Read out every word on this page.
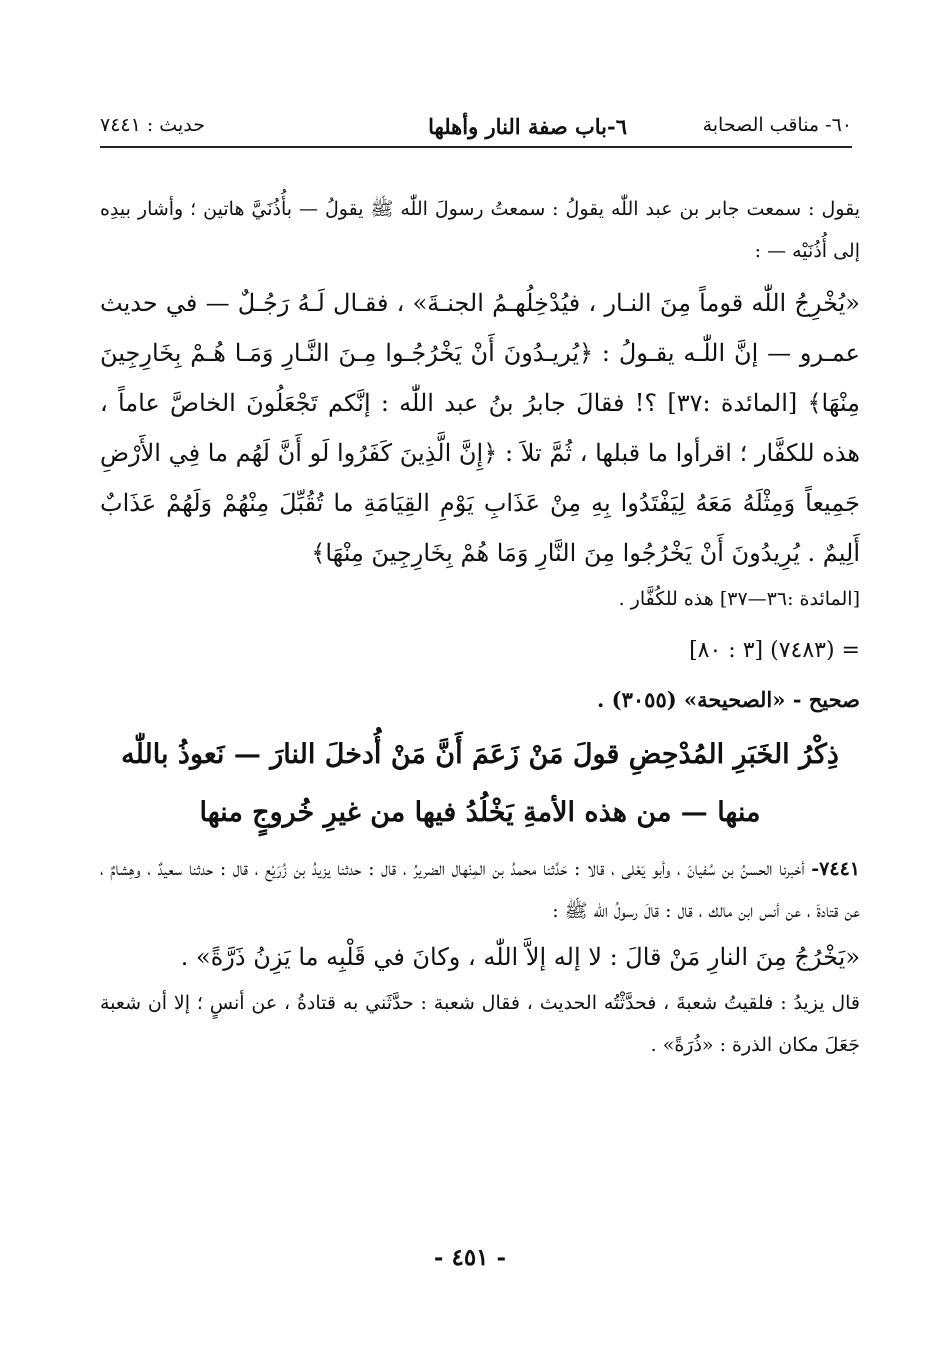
٦٠- مناقب الصحابة
٦-باب صفة النار وأهلها
حديث : ٧٤٤١

يقول : سمعت جابر بن عبد اللّٰه يقولُ : سمعتُ رسولَ اللّٰه ﷺ يقولُ — بأُذُنَيَّ هاتين ؛ وأشار بيدِه إلى أُذُنَيْه — :

«يُخْرِجُ اللّٰه قوماً مِنَ النـار ، فيُدْخِلُهـمُ الجنـةَ» ، فقـال لَـهُ رَجُـلٌ — في حديث عمـرو — إنَّ اللّٰـه يقـولُ : ﴿يُريـدُونَ أَنْ يَخْرُجُـوا مِـنَ النَّـارِ وَمَـا هُـمْ بِخَارِجِينَ مِنْهَا﴾ [المائدة :٣٧] ؟! فقالَ جابرُ بنُ عبد اللّٰه : إنَّكم تَجْعَلُونَ الخاصَّ عاماً ، هذه للكفَّار ؛ اقرأوا ما قبلها ، ثُمَّ تلاَ : ﴿إِنَّ الَّذِينَ كَفَرُوا لَو أَنَّ لَهُم ما فِي الأَرْضِ جَمِيعاً وَمِثْلَهُ مَعَهُ لِيَفْتَدُوا بِهِ مِنْ عَذَابِ يَوْمِ القِيَامَةِ ما تُقُبِّلَ مِنْهُمْ وَلَهُمْ عَذَابٌ أَلِيمٌ . يُرِيدُونَ أَنْ يَخْرُجُوا مِنَ النَّارِ وَمَا هُمْ بِخَارِجِينَ مِنْهَا﴾

[المائدة :٣٦—٣٧] هذه للكُفَّار .

= (٧٤٨٣) [٣ : ٨٠]

صحيح - «الصحيحة» (٣٠٥٥) .

ذِكْرُ الخَبَرِ المُدْحِضِ قولَ مَنْ زَعَمَ أَنَّ مَنْ أُدخلَ النارَ — نَعوذُ باللّٰه منها — من هذه الأمةِ يَخْلُدُ فيها من غيرِ خُروجٍ منها

٧٤٤١- أخبرنا الحسنُ بن سُفيانَ ، وأبو يَعْلى ، قالا : حَدَّثنا محمدُ بن المِنْهال الضريرُ ، قال : حدثنا يزيدُ بن زُرَيْع ، قال : حدثنا سعيدٌ ، وهِشامٌ ، عن قتادةَ ، عن أنس ابن مالك ، قال : قالَ رسولُ اللّٰه ﷺ :

«يَخْرُجُ مِنَ النارِ مَنْ قالَ : لا إله إلاَّ اللّٰه ، وكانَ في قَلْبِه ما يَزِنُ ذَرَّةً» .

قال يزيدُ : فلقيتُ شعبةَ ، فحدَّثْتُه الحديث ، فقال شعبة : حدَّثَني به قتادةُ ، عن أنسٍ ؛ إلا أن شعبة جَعَلَ مكان الذرة : «ذُرَةً» .

- ٤٥١ -
